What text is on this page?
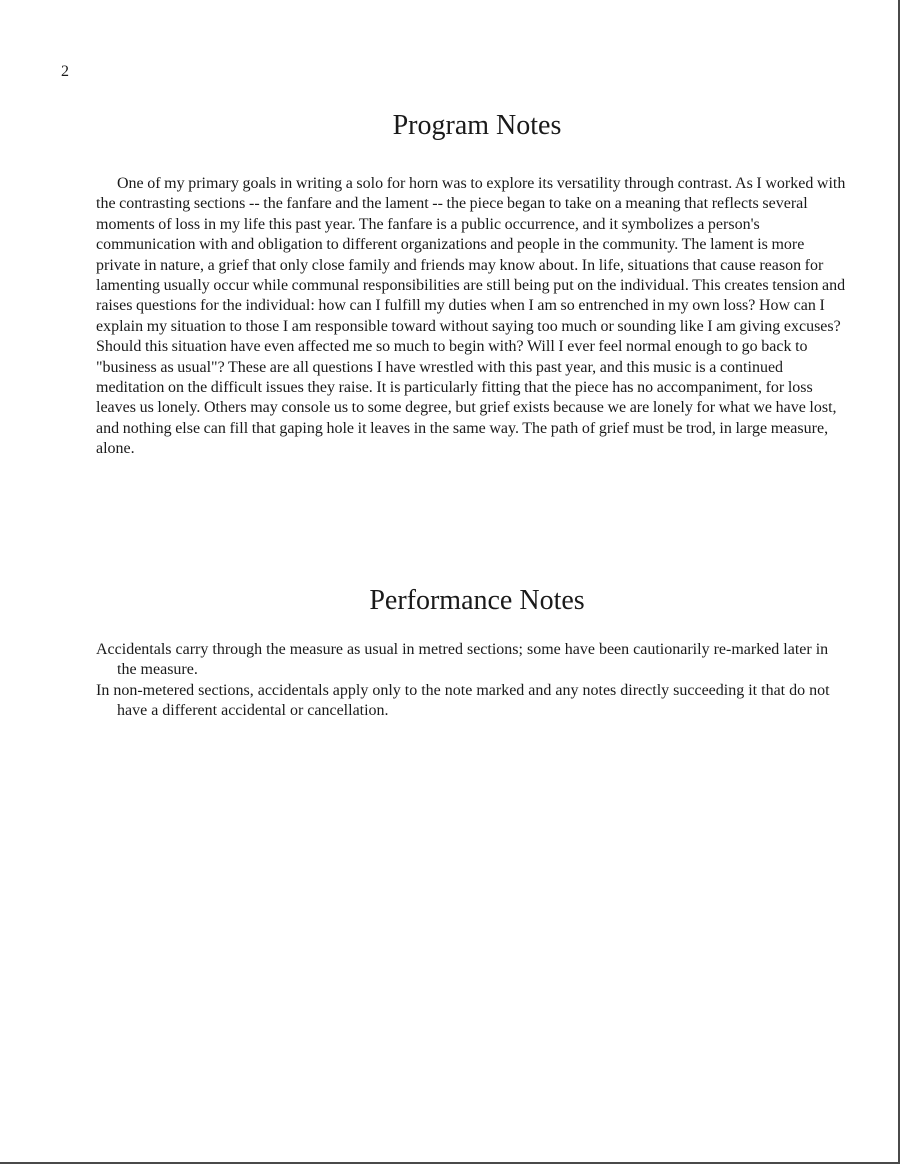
2
Program Notes

One of my primary goals in writing a solo for horn was to explore its versatility through contrast. As I worked with the contrasting sections -- the fanfare and the lament -- the piece began to take on a meaning that reflects several moments of loss in my life this past year. The fanfare is a public occurrence, and it symbolizes a person's communication with and obligation to different organizations and people in the community. The lament is more private in nature, a grief that only close family and friends may know about. In life, situations that cause reason for lamenting usually occur while communal responsibilities are still being put on the individual. This creates tension and raises questions for the individual: how can I fulfill my duties when I am so entrenched in my own loss? How can I explain my situation to those I am responsible toward without saying too much or sounding like I am giving excuses? Should this situation have even affected me so much to begin with? Will I ever feel normal enough to go back to "business as usual"? These are all questions I have wrestled with this past year, and this music is a continued meditation on the difficult issues they raise. It is particularly fitting that the piece has no accompaniment, for loss leaves us lonely. Others may console us to some degree, but grief exists because we are lonely for what we have lost, and nothing else can fill that gaping hole it leaves in the same way. The path of grief must be trod, in large measure, alone.

Performance Notes

Accidentals carry through the measure as usual in metred sections; some have been cautionarily re-marked later in the measure.

In non-metered sections, accidentals apply only to the note marked and any notes directly succeeding it that do not have a different accidental or cancellation.
